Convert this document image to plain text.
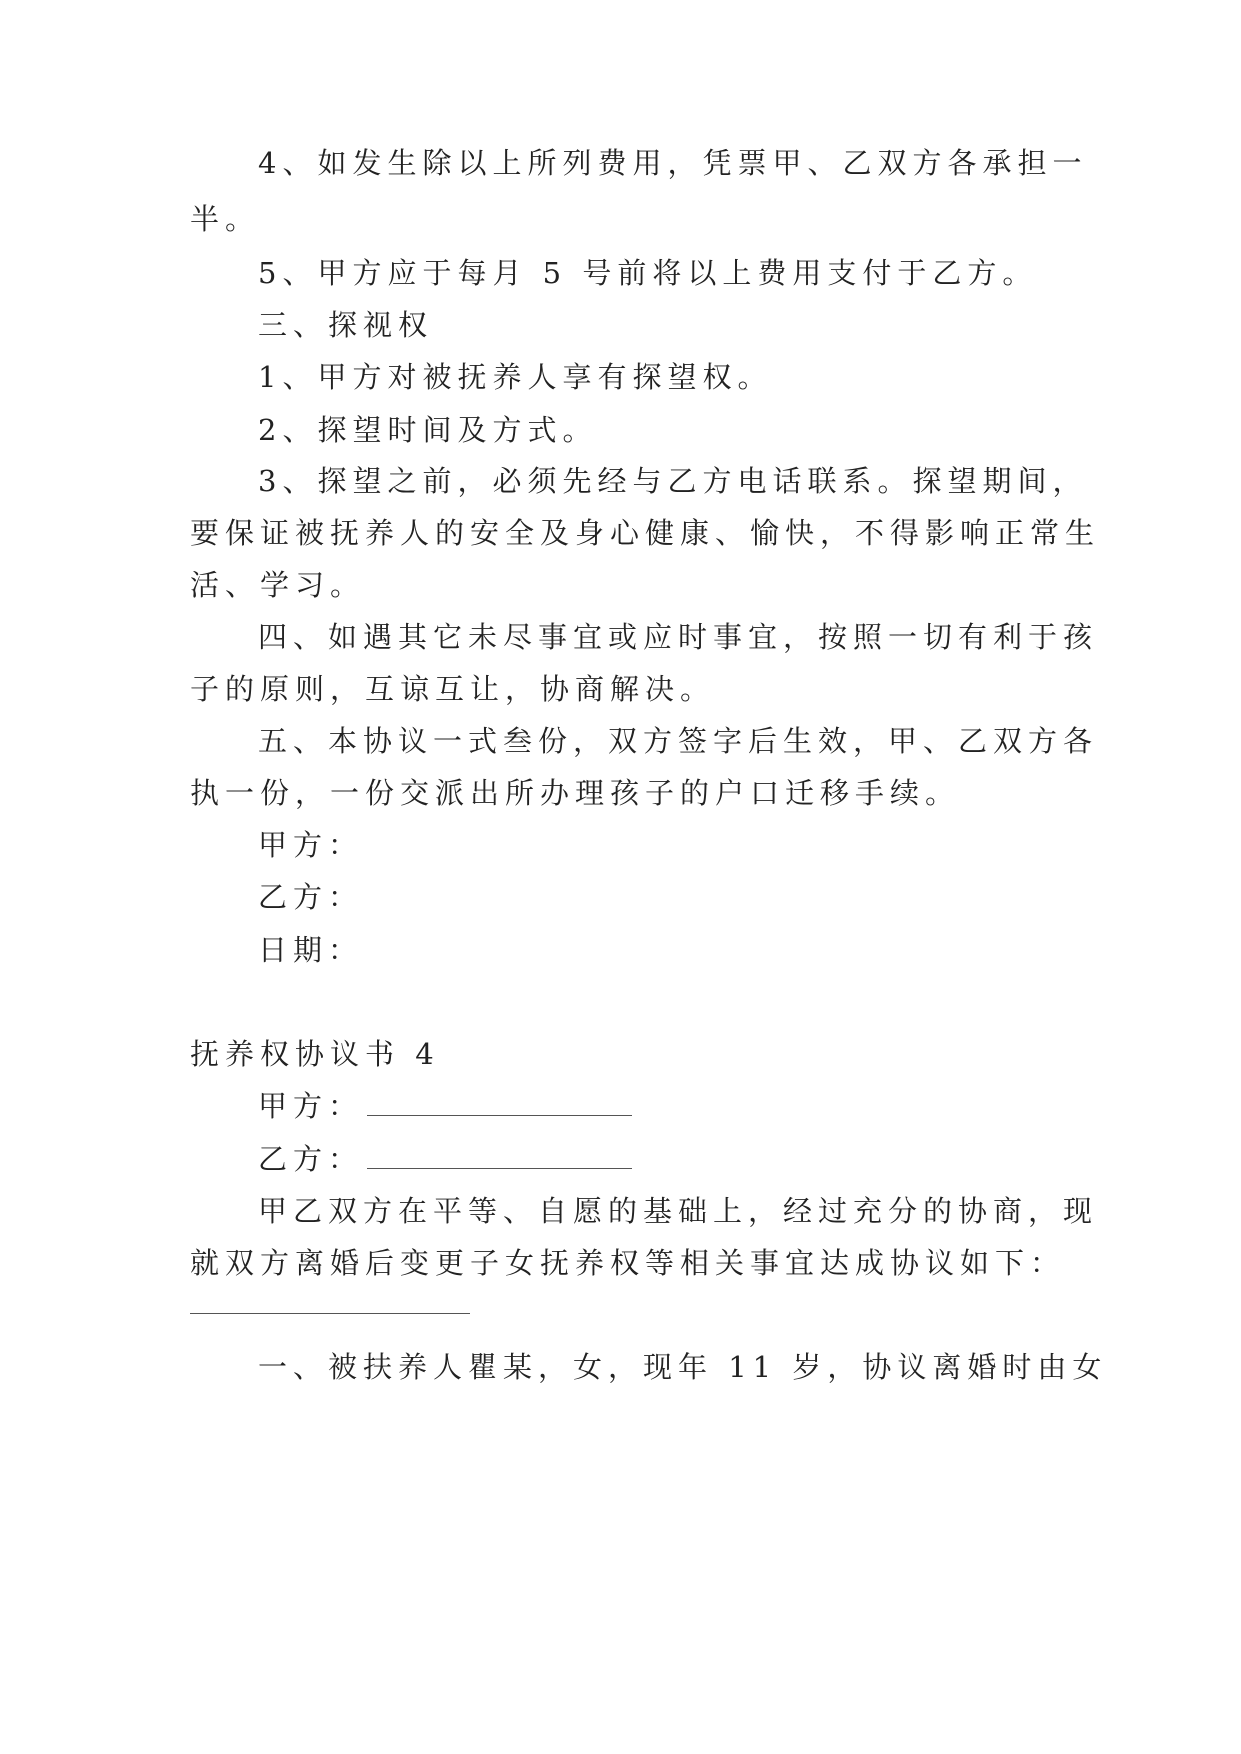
4、如发生除以上所列费用，凭票甲、乙双方各承担一

半。

5、甲方应于每月 5 号前将以上费用支付于乙方。

三、探视权

1、甲方对被抚养人享有探望权。

2、探望时间及方式。

3、探望之前，必须先经与乙方电话联系。探望期间，

要保证被抚养人的安全及身心健康、愉快，不得影响正常生

活、学习。

四、如遇其它未尽事宜或应时事宜，按照一切有利于孩

子的原则，互谅互让，协商解决。

五、本协议一式叁份，双方签字后生效，甲、乙双方各

执一份，一份交派出所办理孩子的户口迁移手续。

甲方：

乙方：

日期：

抚养权协议书 4

甲方：

乙方：

甲乙双方在平等、自愿的基础上，经过充分的协商，现

就双方离婚后变更子女抚养权等相关事宜达成协议如下：

一、被扶养人瞿某，女，现年 11 岁，协议离婚时由女
